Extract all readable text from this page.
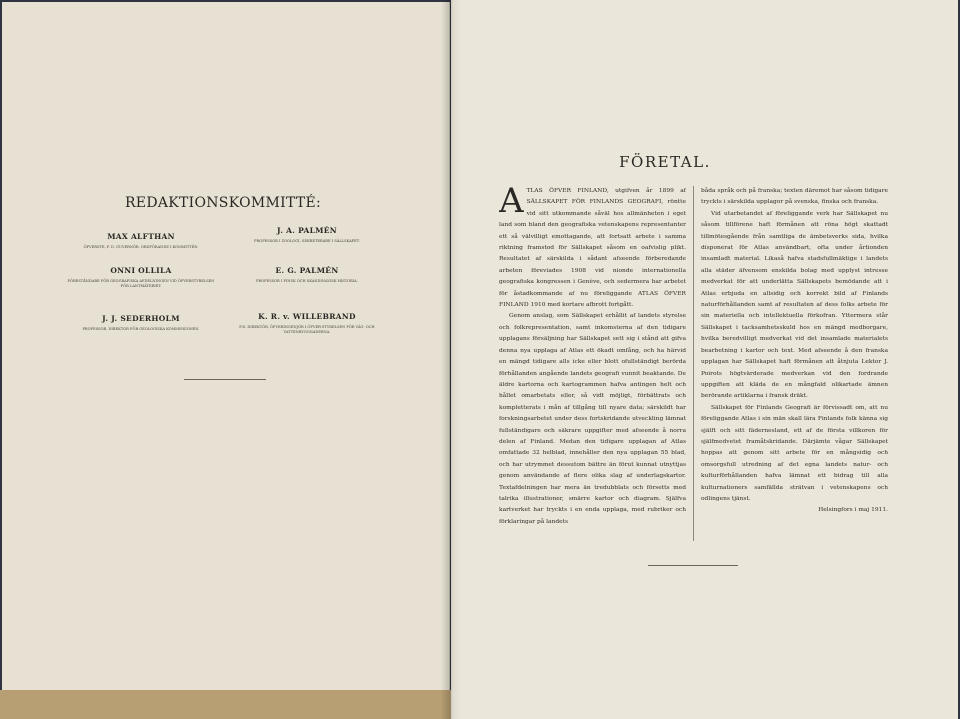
REDAKTIONSKOMMITTÉ:
MAX ALFTHAN
ÖFVERSTE, F. D. GUVERNÖR. ORDFÖRANDE I KOMMITTÉN.
J. A. PALMÉN
PROFESSOR I ZOOLOGI, SEKRETERARE I SÄLLSKAPET.
ONNI OLLILA
FÖRESTÅNDARE FÖR GEOGRAFISKA AFDELNINGEN VID ÖFVERSTYRELSEN FÖR LANTMÄTERIET.
E. G. PALMÉN
PROFESSOR I FINSK OCH SKANDINAVISK HISTORIA.
J. J. SEDERHOLM
PROFESSOR, DIREKTOR FÖR GEOLOGISKA KOMMISSIONEN.
K. R. v. WILLEBRAND
F.D. DIREKTÖR, ÖFVERINGENJÖR I ÖFVER-STYRELSEN FÖR VÄG- OCH VATTENBYGGNADERNA.
FÖRETAL.

ATLAS ÖFVER FINLAND, utgifven år 1899 af SÄLLSKAPET FÖR FINLANDS GEOGRAFI, röntte vid sitt utkommande såväl hos allmänheten i eget land som bland den geografiska vetenskapens representanter ett så välvilligt emottagande, att fortsatt arbete i samma riktning framstod för Sällskapet såsom en oafvislig plikt. Resultatet af särskilda i sådant afseende förberedande arbeten föreviades 1908 vid nionde internationella geografiska kongressen i Genève, och sedermera har arbetet för åstadkommande af nu föreliggande ATLAS ÖFVER FINLAND 1910 med kortare afbrott fortgått.

Genom anslag, som Sällskapet erhållit af landets styrelse och folkrepresentation, samt inkomsterna af den tidigare upplagans försäljning har Sällskapet sett sig i stånd att gifva denna nya upplaga af Atlas ett ökadt omfång, och ha härvid en mängd tidigare alls icke eller blott ofullständigt berörda förhållanden angående landets geografi vunnit beaktande. De äldre kartorna och kartogrammen hafva antingen helt och hållet omarbetats eller, så vidt möjligt, förbättrats och kompletterats i mån af tillgång till nyare data; särskildt har forskningsarbetet under dess fortskridande utveckling lämnat fullständigare och säkrare uppgifter med afseende å norra delen af Finland. Medan den tidigare upplagan af Atlas omfattade 32 helblad, innehåller den nya upplagan 55 blad, och har utrymmet dessutom bättre än förut kunnat utnyttjas genom användande af flere olika slag af underlagskartor. Textafdelningen har mera än tredubblats och försetts med talrika illustrationer, smärre kartor och diagram. Själfva kartverket har tryckts i en enda upplaga, med rubriker och förklaringar på landets

båda språk och på franska; texten däremot har såsom tidigare tryckts i särskilda upplagor på svenska, finska och franska.

Vid utarbetandet af föreliggande verk har Sällskapet nu såsom tillförene haft förmånen att röna högt skattadt tillmötesgående från samtliga de ämbetsverks sida, hvilka disponerat för Atlas användbart, ofta under årtionden insamladt material. Likaså hafva stadsfullmäktige i landets alla städer äfvensom enskilda bolag med upplyst intresse medverkat för att underlätta Sällskapets bemödande att i Atlas erbjuda en allsidig och korrekt bild af Finlands naturförhållanden samt af resultaten af dess folks arbete för sin materiella och intellektuella förkofran. Yttermera står Sällskapet i tacksamhetsskuld hos en mängd medborgare, hvilka beredvilligt medverkat vid det insamlade materialets bearbetning i kartor och text. Med afseende å den franska upplagan har Sällskapet haft förmånen att åtnjuta Lektor J. Poirots högtvärderade medverkan vid den fordrande uppgiften att kläda de en mångfald olikartade ämnen berörande artiklarna i fransk dräkt.

Sällskapet för Finlands Geografi är förvissadt om, att nu föreliggande Atlas i sin män skall lära Finlands folk känna sig själft och sitt fädernesland, ett af de första villkoren för själfmedvetet framåtskridande. Därjämte vågar Sällskapet hoppas att genom sitt arbete för en mångsidig och omsorgsfull utredning af det egna landets natur- och kulturförhållanden hafva lämnat ett bidrag till alla kulturnationers samfällda strätvan i vetenskapens och odlingens tjänst.

Helsingfors i maj 1911.
